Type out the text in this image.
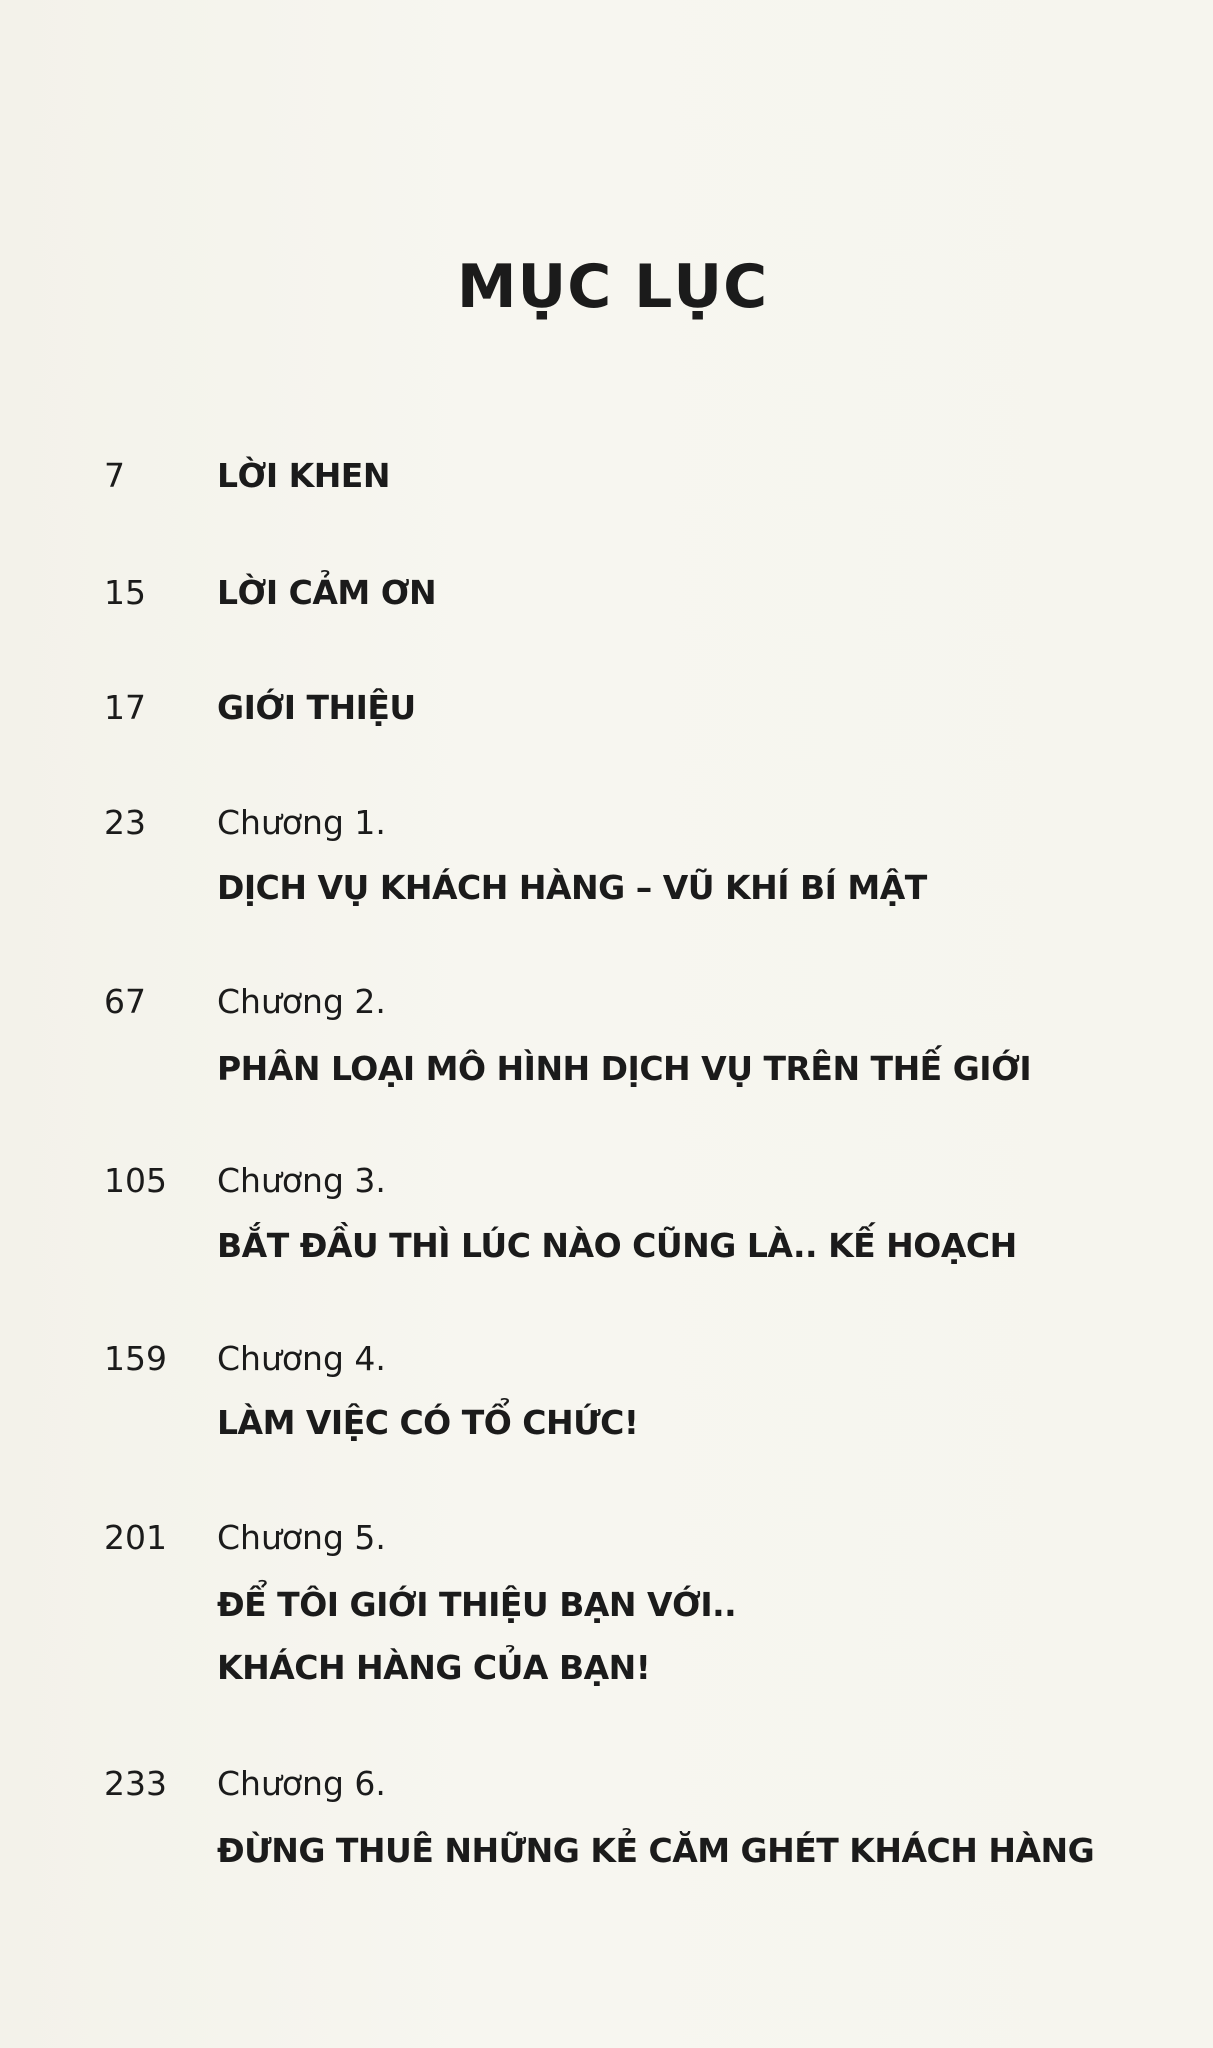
MỤC LỤC
7	LỜI KHEN
15 LỜI CẢM ƠN
17 GIỚI THIỆU
23 Chương 1.
DỊCH VỤ KHÁCH HÀNG – VŨ KHÍ BÍ MẬT
67 Chương 2.
PHÂN LOẠI MÔ HÌNH DỊCH VỤ TRÊN THẾ GIỚI
105 Chương 3.
BẮT ĐẦU THÌ LÚC NÀO CŨNG LÀ.. KẾ HOẠCH
159 Chương 4.
LÀM VIỆC CÓ TỔ CHỨC!
201 Chương 5.
ĐỂ TÔI GIỚI THIỆU BẠN VỚI..
KHÁCH HÀNG CỦA BẠN!
233 Chương 6.
ĐỪNG THUÊ NHỮNG KẺ CĂM GHÉT KHÁCH HÀNG
